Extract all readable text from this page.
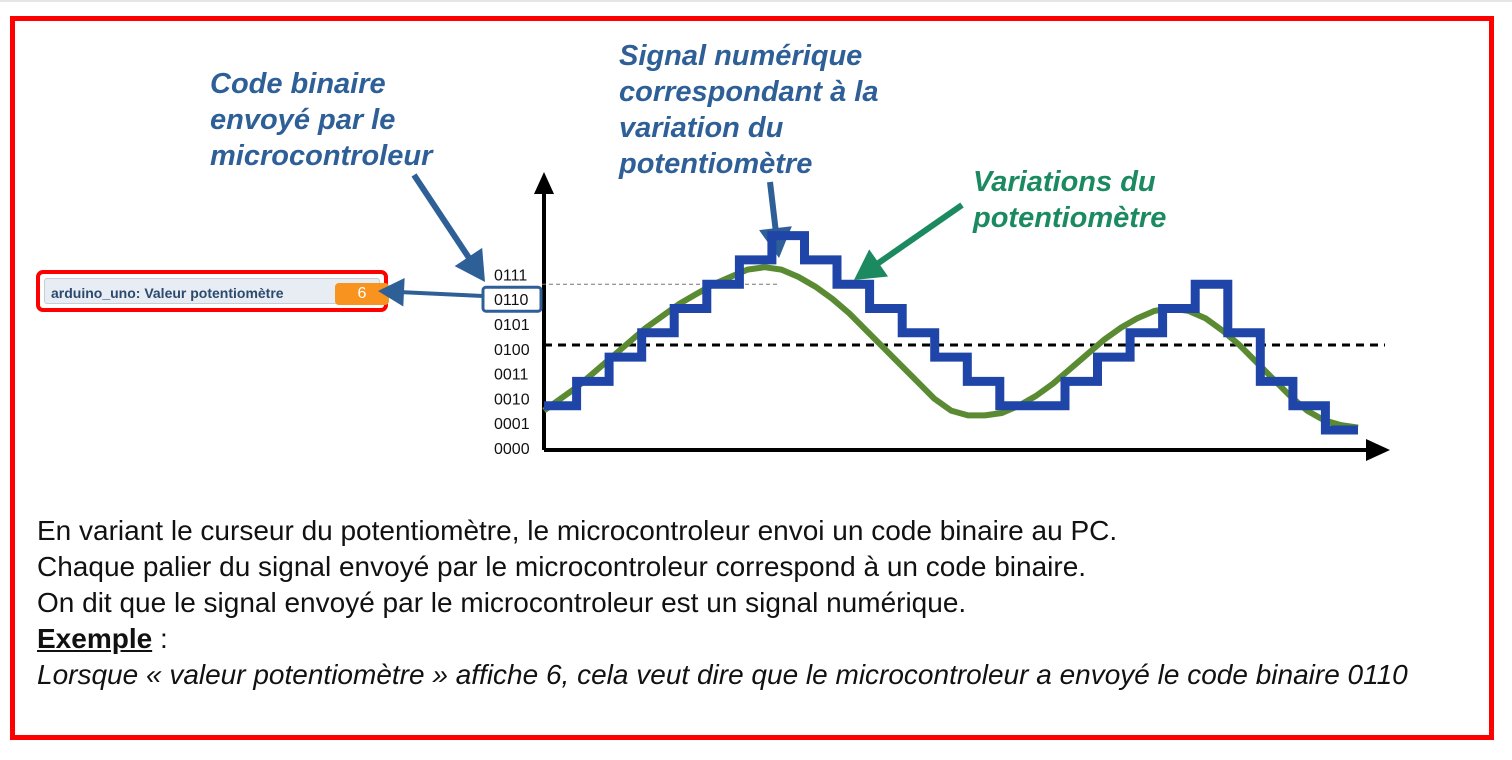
Code binaire
envoyé par le
microcontroleur
Signal numérique
correspondant à la
variation du
potentiomètre
Variations du
potentiomètre
arduino_uno: Valeur potentiomètre	6
0000
0001
0010
0011
0100
0101
0110
0111
En variant le curseur du potentiomètre, le microcontroleur envoi un code binaire au PC.
Chaque palier du signal envoyé par le microcontroleur correspond à un code binaire.
On dit que le signal envoyé par le microcontroleur est un signal numérique.
Exemple :
Lorsque « valeur potentiomètre » affiche 6, cela veut dire que le microcontroleur a envoyé le code binaire 0110
